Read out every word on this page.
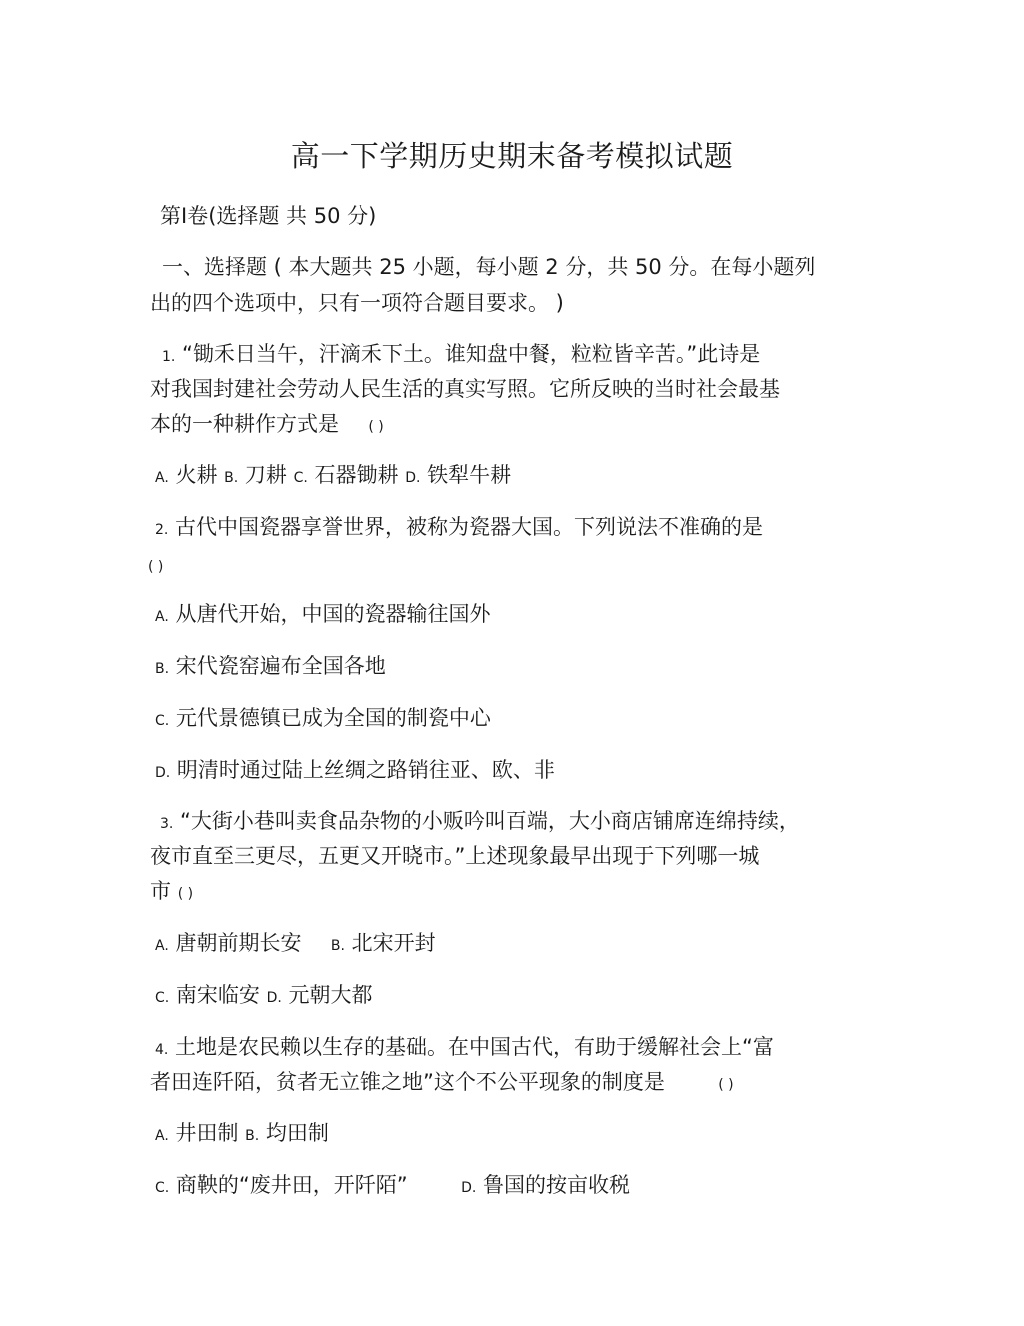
高一下学期历史期末备考模拟试题
第Ⅰ卷(选择题 共 50 分)
一、选择题 ( 本大题共 25 小题，每小题 2 分，共 50 分。在每小题列
出的四个选项中，只有一项符合题目要求。 )
1. “锄禾日当午，汗滴禾下土。谁知盘中餐，粒粒皆辛苦。”此诗是
对我国封建社会劳动人民生活的真实写照。它所反映的当时社会最基
本的一种耕作方式是 ( )
A. 火耕 B. 刀耕 C. 石器锄耕 D. 铁犁牛耕
2. 古代中国瓷器享誉世界，被称为瓷器大国。下列说法不准确的是
( )
A. 从唐代开始，中国的瓷器输往国外
B. 宋代瓷窑遍布全国各地
C. 元代景德镇已成为全国的制瓷中心
D. 明清时通过陆上丝绸之路销往亚、欧、非
3. “大街小巷叫卖食品杂物的小贩吟叫百端，大小商店铺席连绵持续，
夜市直至三更尽，五更又开晓市。”上述现象最早出现于下列哪一城
市 ( )
A. 唐朝前期长安 B. 北宋开封
C. 南宋临安 D. 元朝大都
4. 土地是农民赖以生存的基础。在中国古代，有助于缓解社会上“富
者田连阡陌，贫者无立锥之地”这个不公平现象的制度是	( )
A. 井田制 B. 均田制
C. 商鞅的“废井田，开阡陌”	D. 鲁国的按亩收税
